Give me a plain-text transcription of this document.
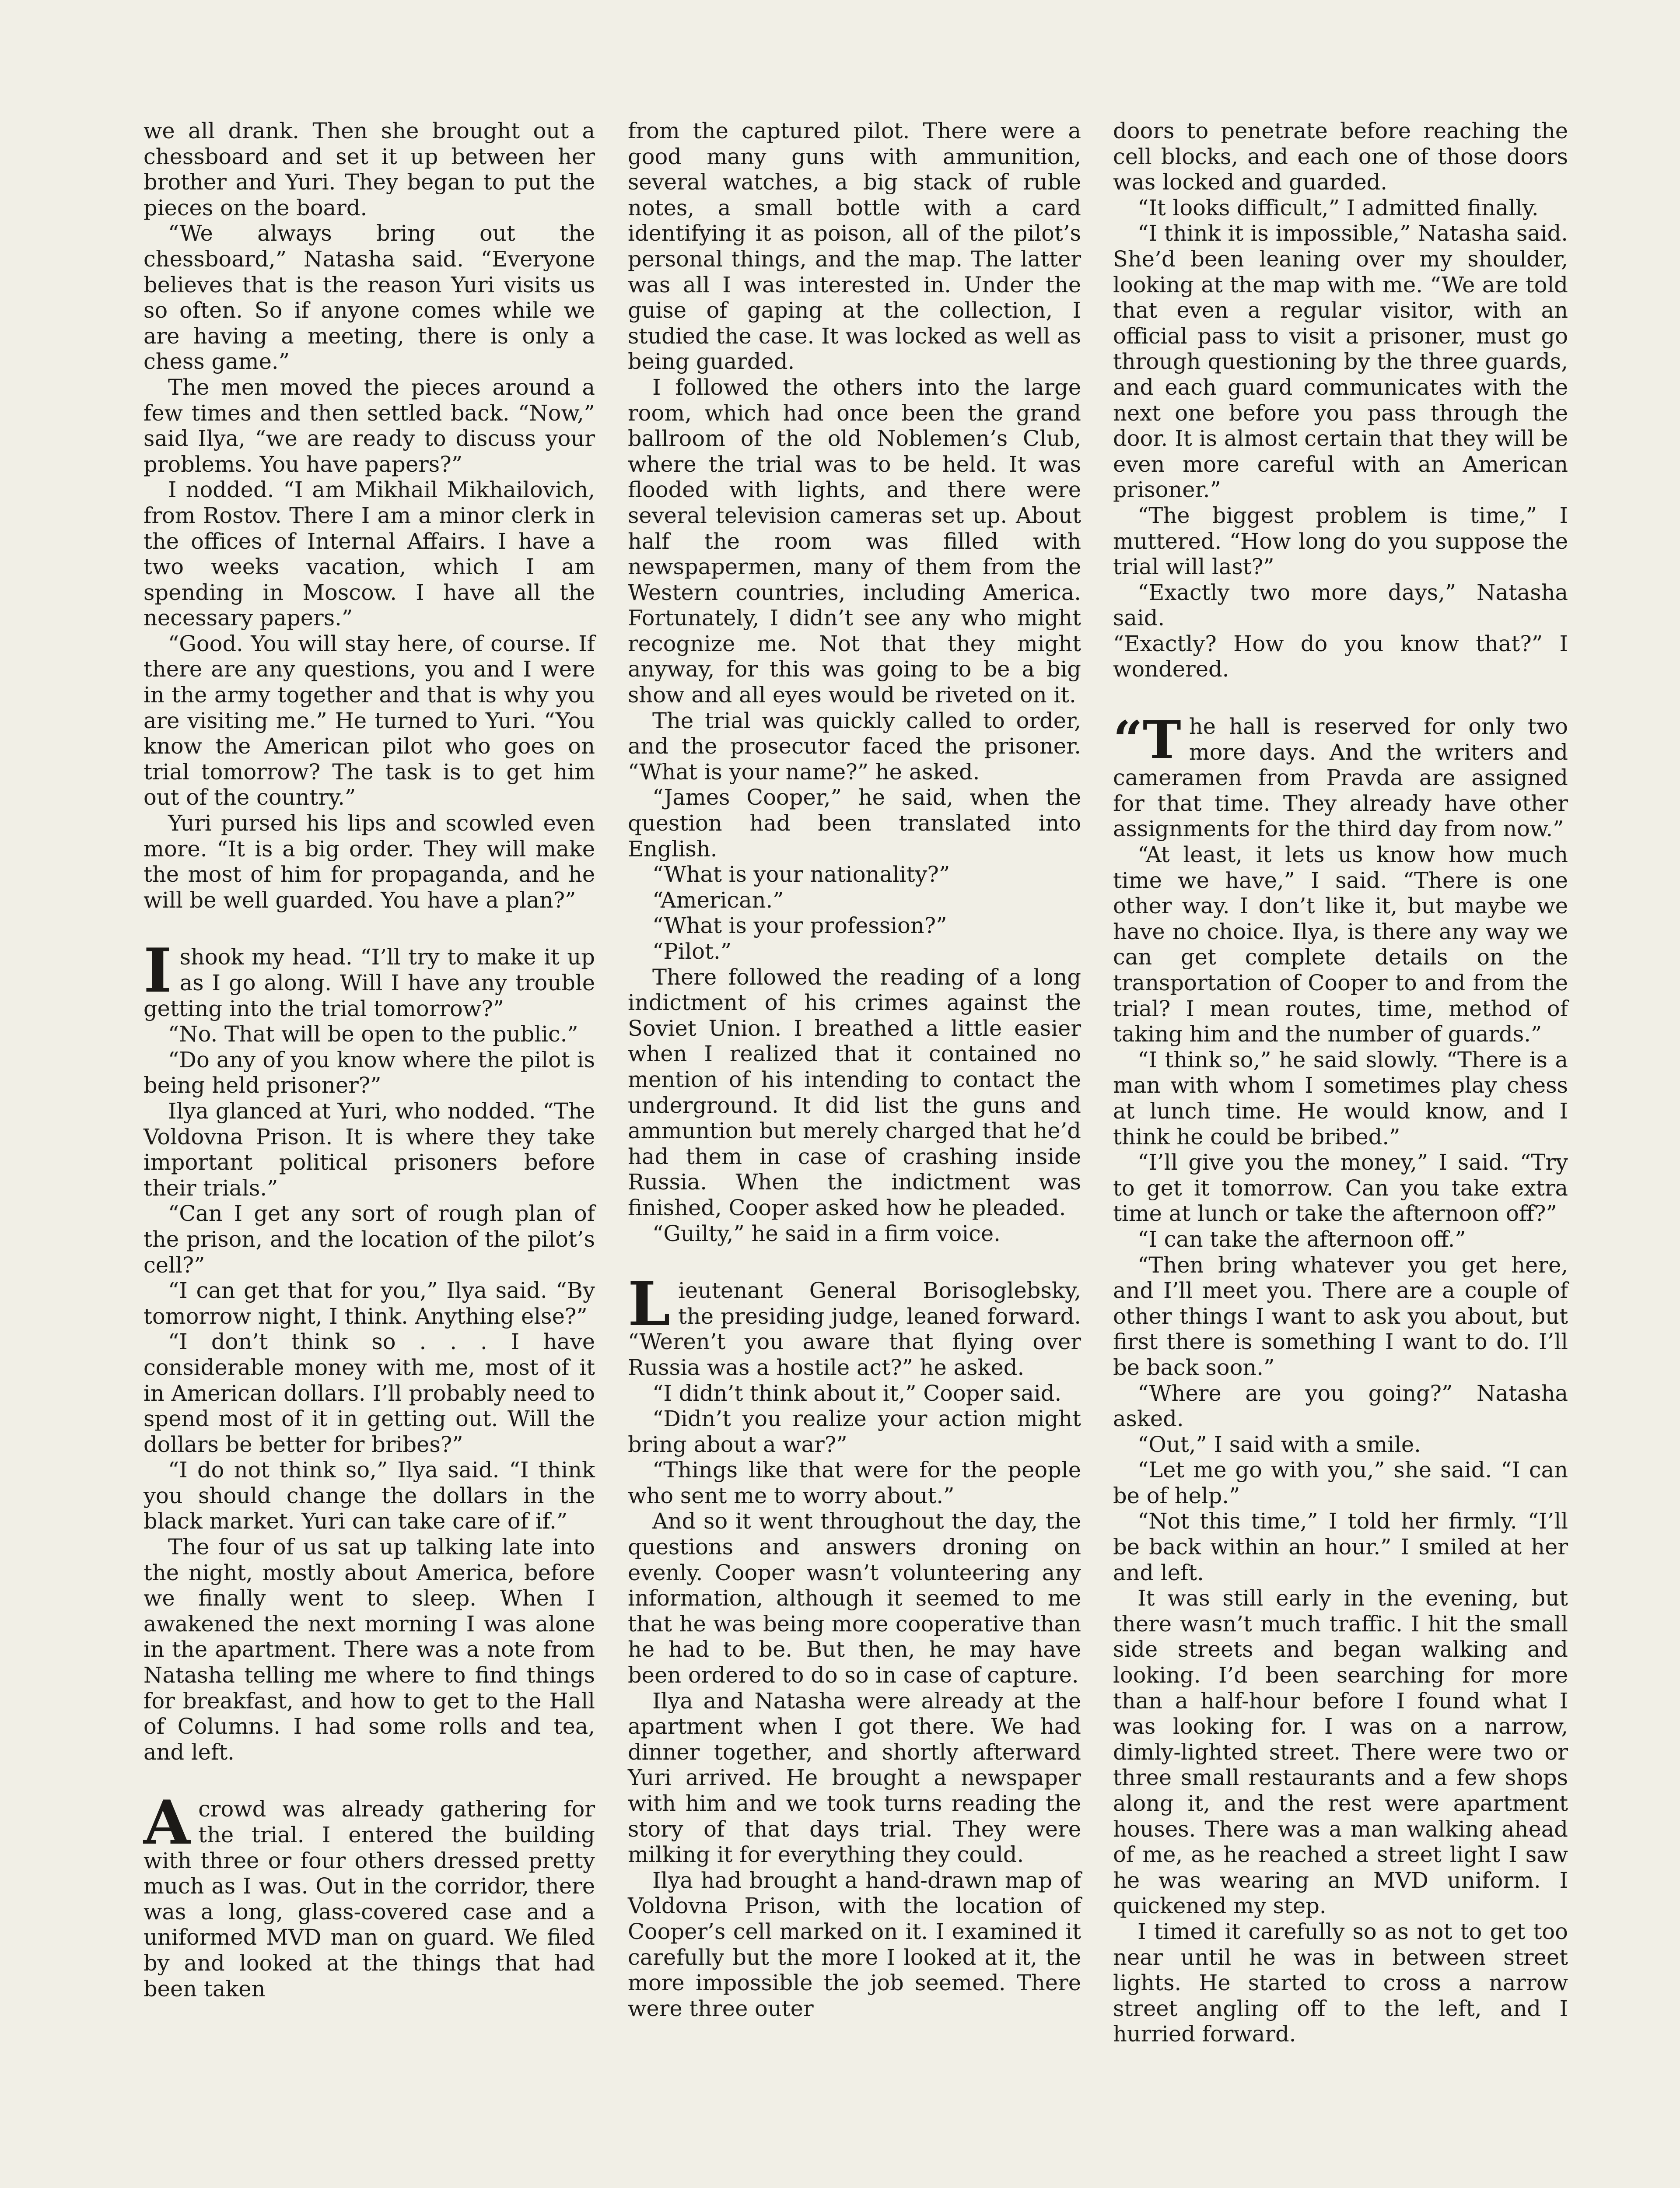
we all drank. Then she brought out a chessboard and set it up between her brother and Yuri. They began to put the pieces on the board.

“We always bring out the chessboard,” Natasha said. “Everyone believes that is the reason Yuri visits us so often. So if anyone comes while we are having a meeting, there is only a chess game.”

The men moved the pieces around a few times and then settled back. “Now,” said Ilya, “we are ready to discuss your problems. You have papers?”

I nodded. “I am Mikhail Mikhailovich, from Rostov. There I am a minor clerk in the offices of Internal Affairs. I have a two weeks vacation, which I am spending in Moscow. I have all the necessary papers.”

“Good. You will stay here, of course. If there are any questions, you and I were in the army together and that is why you are visiting me.” He turned to Yuri. “You know the American pilot who goes on trial tomorrow? The task is to get him out of the country.”

Yuri pursed his lips and scowled even more. “It is a big order. They will make the most of him for propaganda, and he will be well guarded. You have a plan?”

Ishook my head. “I’ll try to make it up as I go along. Will I have any trouble getting into the trial tomorrow?”

“No. That will be open to the public.”

“Do any of you know where the pilot is being held prisoner?”

Ilya glanced at Yuri, who nodded. “The Voldovna Prison. It is where they take important political prisoners before their trials.”

“Can I get any sort of rough plan of the prison, and the location of the pilot’s cell?”

“I can get that for you,” Ilya said. “By tomorrow night, I think. Anything else?”

“I don’t think so . . . I have considerable money with me, most of it in American dollars. I’ll probably need to spend most of it in getting out. Will the dollars be better for bribes?”

“I do not think so,” Ilya said. “I think you should change the dollars in the black market. Yuri can take care of if.”

The four of us sat up talking late into the night, mostly about America, before we finally went to sleep. When I awakened the next morning I was alone in the apartment. There was a note from Natasha telling me where to find things for breakfast, and how to get to the Hall of Columns. I had some rolls and tea, and left.

Acrowd was already gathering for the trial. I entered the building with three or four others dressed pretty much as I was. Out in the corridor, there was a long, glass-covered case and a uniformed MVD man on guard. We filed by and looked at the things that had been taken

from the captured pilot. There were a good many guns with ammunition, several watches, a big stack of ruble notes, a small bottle with a card identifying it as poison, all of the pilot’s personal things, and the map. The latter was all I was interested in. Under the guise of gaping at the collection, I studied the case. It was locked as well as being guarded.

I followed the others into the large room, which had once been the grand ballroom of the old Noblemen’s Club, where the trial was to be held. It was flooded with lights, and there were several television cameras set up. About half the room was filled with newspapermen, many of them from the Western countries, including America. Fortunately, I didn’t see any who might recognize me. Not that they might anyway, for this was going to be a big show and all eyes would be riveted on it.

The trial was quickly called to order, and the prosecutor faced the prisoner. “What is your name?” he asked.

“James Cooper,” he said, when the question had been translated into English.

“What is your nationality?”

“American.”

“What is your profession?”

“Pilot.”

There followed the reading of a long indictment of his crimes against the Soviet Union. I breathed a little easier when I realized that it contained no mention of his intending to contact the underground. It did list the guns and ammuntion but merely charged that he’d had them in case of crashing inside Russia. When the indictment was finished, Cooper asked how he pleaded.

“Guilty,” he said in a firm voice.

Lieutenant General Borisoglebsky, the presiding judge, leaned forward. “Weren’t you aware that flying over Russia was a hostile act?” he asked.

“I didn’t think about it,” Cooper said.

“Didn’t you realize your action might bring about a war?”

“Things like that were for the people who sent me to worry about.”

And so it went throughout the day, the questions and answers droning on evenly. Cooper wasn’t volunteering any information, although it seemed to me that he was being more cooperative than he had to be. But then, he may have been ordered to do so in case of capture.

Ilya and Natasha were already at the apartment when I got there. We had dinner together, and shortly afterward Yuri arrived. He brought a newspaper with him and we took turns reading the story of that days trial. They were milking it for everything they could.

Ilya had brought a hand-drawn map of Voldovna Prison, with the location of Cooper’s cell marked on it. I examined it carefully but the more I looked at it, the more impossible the job seemed. There were three outer

doors to penetrate before reaching the cell blocks, and each one of those doors was locked and guarded.

“It looks difficult,” I admitted finally.

“I think it is impossible,” Natasha said. She’d been leaning over my shoulder, looking at the map with me. “We are told that even a regular visitor, with an official pass to visit a prisoner, must go through questioning by the three guards, and each guard communicates with the next one before you pass through the door. It is almost certain that they will be even more careful with an American prisoner.”

“The biggest problem is time,” I muttered. “How long do you suppose the trial will last?”

“Exactly two more days,” Natasha said.

“Exactly? How do you know that?” I wondered.

“The hall is reserved for only two more days. And the writers and cameramen from Pravda are assigned for that time. They already have other assignments for the third day from now.”

“At least, it lets us know how much time we have,” I said. “There is one other way. I don’t like it, but maybe we have no choice. Ilya, is there any way we can get complete details on the transportation of Cooper to and from the trial? I mean routes, time, method of taking him and the number of guards.”

“I think so,” he said slowly. “There is a man with whom I sometimes play chess at lunch time. He would know, and I think he could be bribed.”

“I’ll give you the money,” I said. “Try to get it tomorrow. Can you take extra time at lunch or take the afternoon off?”

“I can take the afternoon off.”

“Then bring whatever you get here, and I’ll meet you. There are a couple of other things I want to ask you about, but first there is something I want to do. I’ll be back soon.”

“Where are you going?” Natasha asked.

“Out,” I said with a smile.

“Let me go with you,” she said. “I can be of help.”

“Not this time,” I told her firmly. “I’ll be back within an hour.” I smiled at her and left.

It was still early in the evening, but there wasn’t much traffic. I hit the small side streets and began walking and looking. I’d been searching for more than a half-hour before I found what I was looking for. I was on a narrow, dimly-lighted street. There were two or three small restaurants and a few shops along it, and the rest were apartment houses. There was a man walking ahead of me, as he reached a street light I saw he was wearing an MVD uniform. I quickened my step.

I timed it carefully so as not to get too near until he was in between street lights. He started to cross a narrow street angling off to the left, and I hurried forward.
